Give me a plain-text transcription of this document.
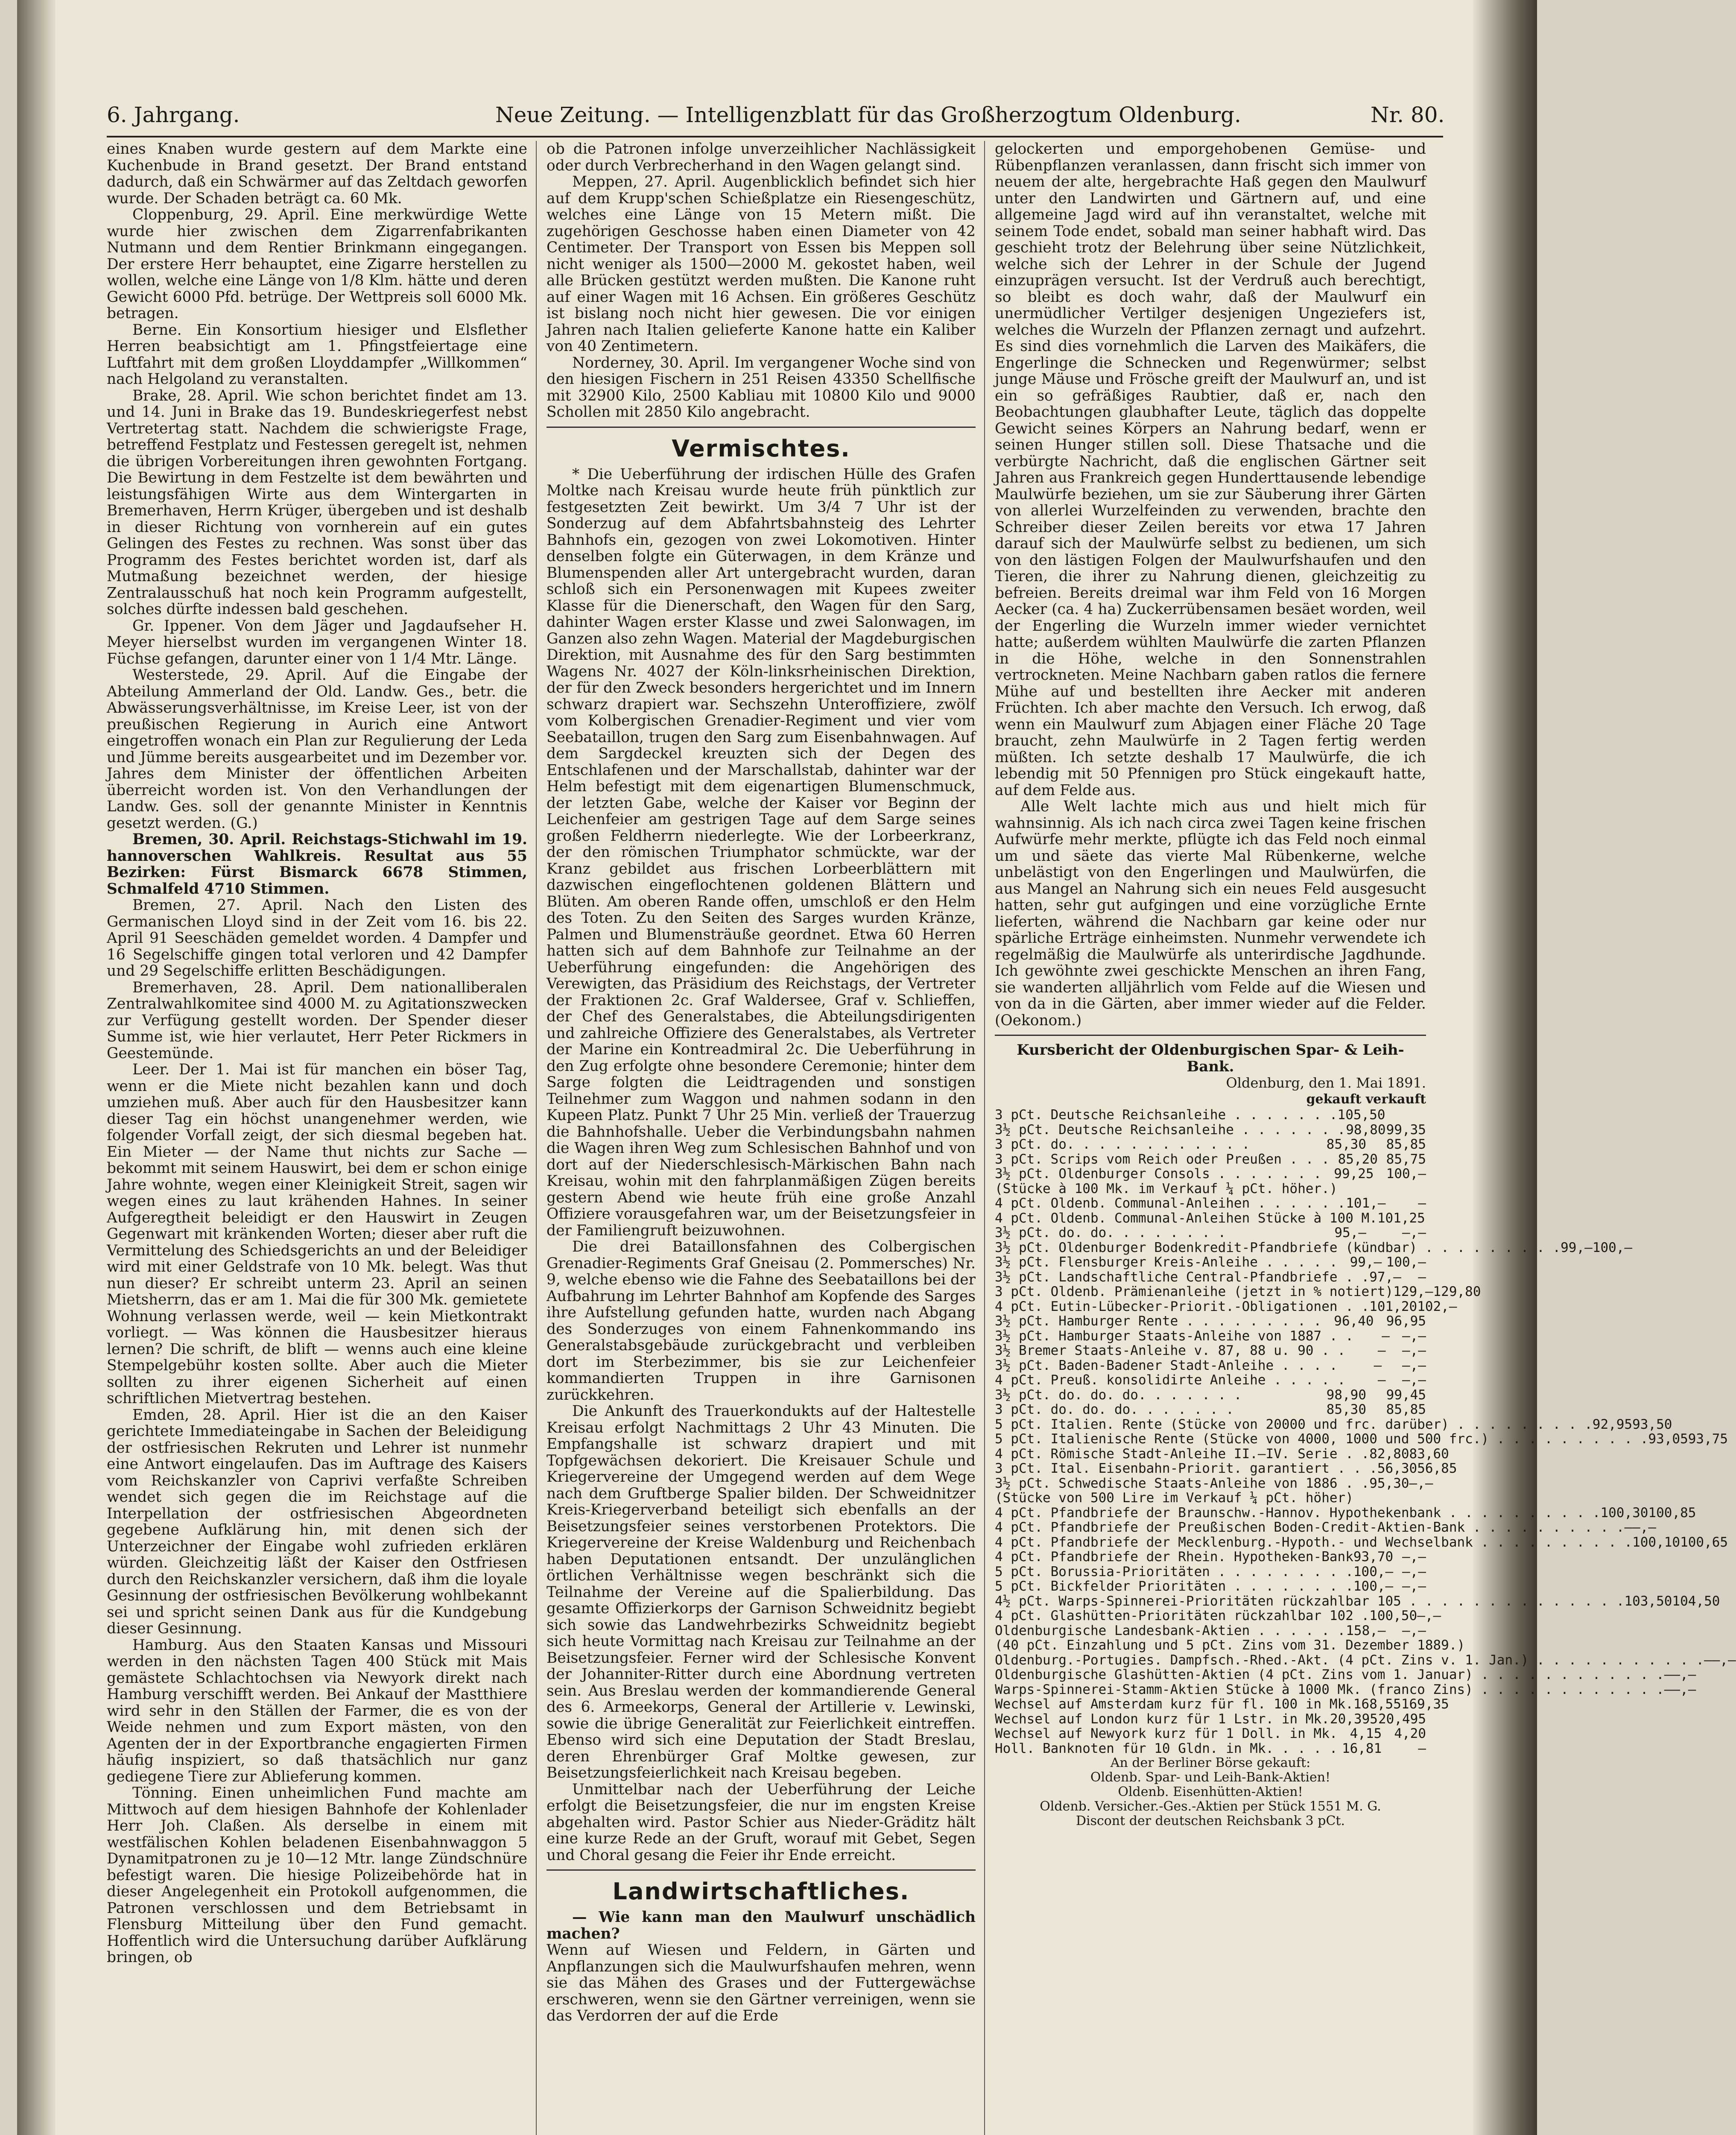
6. Jahrgang.	Neue Zeitung. — Intelligenzblatt für das Großherzogtum Oldenburg.	Nr. 80.

eines Knaben wurde gestern auf dem Markte eine Kuchenbude in Brand gesetzt. Der Brand entstand dadurch, daß ein Schwärmer auf das Zeltdach geworfen wurde. Der Schaden beträgt ca. 60 Mk.

Cloppenburg, 29. April. Eine merkwürdige Wette wurde hier zwischen dem Zigarrenfabrikanten Nutmann und dem Rentier Brinkmann eingegangen. Der erstere Herr behauptet, eine Zigarre herstellen zu wollen, welche eine Länge von 1/8 Klm. hätte und deren Gewicht 6000 Pfd. betrüge. Der Wettpreis soll 6000 Mk. betragen.

Berne. Ein Konsortium hiesiger und Elsflether Herren beabsichtigt am 1. Pfingstfeiertage eine Luftfahrt mit dem großen Lloyddampfer „Willkommen“ nach Helgoland zu veranstalten.

Brake, 28. April. Wie schon berichtet findet am 13. und 14. Juni in Brake das 19. Bundeskriegerfest nebst Vertretertag statt. Nachdem die schwierigste Frage, betreffend Festplatz und Festessen geregelt ist, nehmen die übrigen Vorbereitungen ihren gewohnten Fortgang. Die Bewirtung in dem Festzelte ist dem bewährten und leistungsfähigen Wirte aus dem Wintergarten in Bremerhaven, Herrn Krüger, übergeben und ist deshalb in dieser Richtung von vornherein auf ein gutes Gelingen des Festes zu rechnen. Was sonst über das Programm des Festes berichtet worden ist, darf als Mutmaßung bezeichnet werden, der hiesige Zentralausschuß hat noch kein Programm aufgestellt, solches dürfte indessen bald geschehen.

Gr. Ippener. Von dem Jäger und Jagdaufseher H. Meyer hierselbst wurden im vergangenen Winter 18. Füchse gefangen, darunter einer von 1 1/4 Mtr. Länge.

Westerstede, 29. April. Auf die Eingabe der Abteilung Ammerland der Old. Landw. Ges., betr. die Abwässerungsverhältnisse, im Kreise Leer, ist von der preußischen Regierung in Aurich eine Antwort eingetroffen wonach ein Plan zur Regulierung der Leda und Jümme bereits ausgearbeitet und im Dezember vor. Jahres dem Minister der öffentlichen Arbeiten überreicht worden ist. Von den Verhandlungen der Landw. Ges. soll der genannte Minister in Kenntnis gesetzt werden. (G.)

Bremen, 30. April. Reichstags-Stichwahl im 19. hannoverschen Wahlkreis. Resultat aus 55 Bezirken: Fürst Bismarck 6678 Stimmen, Schmalfeld 4710 Stimmen.

Bremen, 27. April. Nach den Listen des Germanischen Lloyd sind in der Zeit vom 16. bis 22. April 91 Seeschäden gemeldet worden. 4 Dampfer und 16 Segelschiffe gingen total verloren und 42 Dampfer und 29 Segelschiffe erlitten Beschädigungen.

Bremerhaven, 28. April. Dem nationalliberalen Zentralwahlkomitee sind 4000 M. zu Agitationszwecken zur Verfügung gestellt worden. Der Spender dieser Summe ist, wie hier verlautet, Herr Peter Rickmers in Geestemünde.

Leer. Der 1. Mai ist für manchen ein böser Tag, wenn er die Miete nicht bezahlen kann und doch umziehen muß. Aber auch für den Hausbesitzer kann dieser Tag ein höchst unangenehmer werden, wie folgender Vorfall zeigt, der sich diesmal begeben hat. Ein Mieter — der Name thut nichts zur Sache — bekommt mit seinem Hauswirt, bei dem er schon einige Jahre wohnte, wegen einer Kleinigkeit Streit, sagen wir wegen eines zu laut krähenden Hahnes. In seiner Aufgeregtheit beleidigt er den Hauswirt in Zeugen Gegenwart mit kränkenden Worten; dieser aber ruft die Vermittelung des Schiedsgerichts an und der Beleidiger wird mit einer Geldstrafe von 10 Mk. belegt. Was thut nun dieser? Er schreibt unterm 23. April an seinen Mietsherrn, das er am 1. Mai die für 300 Mk. gemietete Wohnung verlassen werde, weil — kein Mietkontrakt vorliegt. — Was können die Hausbesitzer hieraus lernen? Die schrift, de blift — wenns auch eine kleine Stempelgebühr kosten sollte. Aber auch die Mieter sollten zu ihrer eigenen Sicherheit auf einen schriftlichen Mietvertrag bestehen.

Emden, 28. April. Hier ist die an den Kaiser gerichtete Immediateingabe in Sachen der Beleidigung der ostfriesischen Rekruten und Lehrer ist nunmehr eine Antwort eingelaufen. Das im Auftrage des Kaisers vom Reichskanzler von Caprivi verfaßte Schreiben wendet sich gegen die im Reichstage auf die Interpellation der ostfriesischen Abgeordneten gegebene Aufklärung hin, mit denen sich der Unterzeichner der Eingabe wohl zufrieden erklären würden. Gleichzeitig läßt der Kaiser den Ostfriesen durch den Reichskanzler versichern, daß ihm die loyale Gesinnung der ostfriesischen Bevölkerung wohlbekannt sei und spricht seinen Dank aus für die Kundgebung dieser Gesinnung.

Hamburg. Aus den Staaten Kansas und Missouri werden in den nächsten Tagen 400 Stück mit Mais gemästete Schlachtochsen via Newyork direkt nach Hamburg verschifft werden. Bei Ankauf der Mastthiere wird sehr in den Ställen der Farmer, die es von der Weide nehmen und zum Export mästen, von den Agenten der in der Exportbranche engagierten Firmen häufig inspiziert, so daß thatsächlich nur ganz gediegene Tiere zur Ablieferung kommen.

Tönning. Einen unheimlichen Fund machte am Mittwoch auf dem hiesigen Bahnhofe der Kohlenlader Herr Joh. Claßen. Als derselbe in einem mit westfälischen Kohlen beladenen Eisenbahnwaggon 5 Dynamitpatronen zu je 10—12 Mtr. lange Zündschnüre befestigt waren. Die hiesige Polizeibehörde hat in dieser Angelegenheit ein Protokoll aufgenommen, die Patronen verschlossen und dem Betriebsamt in Flensburg Mitteilung über den Fund gemacht. Hoffentlich wird die Untersuchung darüber Aufklärung bringen, ob

ob die Patronen infolge unverzeihlicher Nachlässigkeit oder durch Verbrecherhand in den Wagen gelangt sind.

Meppen, 27. April. Augenblicklich befindet sich hier auf dem Krupp'schen Schießplatze ein Riesengeschütz, welches eine Länge von 15 Metern mißt. Die zugehörigen Geschosse haben einen Diameter von 42 Centimeter. Der Transport von Essen bis Meppen soll nicht weniger als 1500—2000 M. gekostet haben, weil alle Brücken gestützt werden mußten. Die Kanone ruht auf einer Wagen mit 16 Achsen. Ein größeres Geschütz ist bislang noch nicht hier gewesen. Die vor einigen Jahren nach Italien gelieferte Kanone hatte ein Kaliber von 40 Zentimetern.

Norderney, 30. April. Im vergangener Woche sind von den hiesigen Fischern in 251 Reisen 43350 Schellfische mit 32900 Kilo, 2500 Kabliau mit 10800 Kilo und 9000 Schollen mit 2850 Kilo angebracht.

Vermischtes.

* Die Ueberführung der irdischen Hülle des Grafen Moltke nach Kreisau wurde heute früh pünktlich zur festgesetzten Zeit bewirkt. Um 3/4 7 Uhr ist der Sonderzug auf dem Abfahrtsbahnsteig des Lehrter Bahnhofs ein, gezogen von zwei Lokomotiven. Hinter denselben folgte ein Güterwagen, in dem Kränze und Blumenspenden aller Art untergebracht wurden, daran schloß sich ein Personenwagen mit Kupees zweiter Klasse für die Dienerschaft, den Wagen für den Sarg, dahinter Wagen erster Klasse und zwei Salonwagen, im Ganzen also zehn Wagen. Material der Magdeburgischen Direktion, mit Ausnahme des für den Sarg bestimmten Wagens Nr. 4027 der Köln-linksrheinischen Direktion, der für den Zweck besonders hergerichtet und im Innern schwarz drapiert war. Sechszehn Unteroffiziere, zwölf vom Kolbergischen Grenadier-Regiment und vier vom Seebataillon, trugen den Sarg zum Eisenbahnwagen. Auf dem Sargdeckel kreuzten sich der Degen des Entschlafenen und der Marschallstab, dahinter war der Helm befestigt mit dem eigenartigen Blumenschmuck, der letzten Gabe, welche der Kaiser vor Beginn der Leichenfeier am gestrigen Tage auf dem Sarge seines großen Feldherrn niederlegte. Wie der Lorbeerkranz, der den römischen Triumphator schmückte, war der Kranz gebildet aus frischen Lorbeerblättern mit dazwischen eingeflochtenen goldenen Blättern und Blüten. Am oberen Rande offen, umschloß er den Helm des Toten. Zu den Seiten des Sarges wurden Kränze, Palmen und Blumensträuße geordnet. Etwa 60 Herren hatten sich auf dem Bahnhofe zur Teilnahme an der Ueberführung eingefunden: die Angehörigen des Verewigten, das Präsidium des Reichstags, der Vertreter der Fraktionen 2c. Graf Waldersee, Graf v. Schlieffen, der Chef des Generalstabes, die Abteilungsdirigenten und zahlreiche Offiziere des Generalstabes, als Vertreter der Marine ein Kontreadmiral 2c. Die Ueberführung in den Zug erfolgte ohne besondere Ceremonie; hinter dem Sarge folgten die Leidtragenden und sonstigen Teilnehmer zum Waggon und nahmen sodann in den Kupeen Platz. Punkt 7 Uhr 25 Min. verließ der Trauerzug die Bahnhofshalle. Ueber die Verbindungsbahn nahmen die Wagen ihren Weg zum Schlesischen Bahnhof und von dort auf der Niederschlesisch-Märkischen Bahn nach Kreisau, wohin mit den fahrplanmäßigen Zügen bereits gestern Abend wie heute früh eine große Anzahl Offiziere vorausgefahren war, um der Beisetzungsfeier in der Familiengruft beizuwohnen.

Die drei Bataillonsfahnen des Colbergischen Grenadier-Regiments Graf Gneisau (2. Pommersches) Nr. 9, welche ebenso wie die Fahne des Seebataillons bei der Aufbahrung im Lehrter Bahnhof am Kopfende des Sarges ihre Aufstellung gefunden hatte, wurden nach Abgang des Sonderzuges von einem Fahnenkommando ins Generalstabsgebäude zurückgebracht und verbleiben dort im Sterbezimmer, bis sie zur Leichenfeier kommandierten Truppen in ihre Garnisonen zurückkehren.

Die Ankunft des Trauerkondukts auf der Haltestelle Kreisau erfolgt Nachmittags 2 Uhr 43 Minuten. Die Empfangshalle ist schwarz drapiert und mit Topfgewächsen dekoriert. Die Kreisauer Schule und Kriegervereine der Umgegend werden auf dem Wege nach dem Gruftberge Spalier bilden. Der Schweidnitzer Kreis-Kriegerverband beteiligt sich ebenfalls an der Beisetzungsfeier seines verstorbenen Protektors. Die Kriegervereine der Kreise Waldenburg und Reichenbach haben Deputationen entsandt. Der unzulänglichen örtlichen Verhältnisse wegen beschränkt sich die Teilnahme der Vereine auf die Spalierbildung. Das gesamte Offizierkorps der Garnison Schweidnitz begiebt sich sowie das Landwehrbezirks Schweidnitz begiebt sich heute Vormittag nach Kreisau zur Teilnahme an der Beisetzungsfeier. Ferner wird der Schlesische Konvent der Johanniter-Ritter durch eine Abordnung vertreten sein. Aus Breslau werden der kommandierende General des 6. Armeekorps, General der Artillerie v. Lewinski, sowie die übrige Generalität zur Feierlichkeit eintreffen. Ebenso wird sich eine Deputation der Stadt Breslau, deren Ehrenbürger Graf Moltke gewesen, zur Beisetzungsfeierlichkeit nach Kreisau begeben.

Unmittelbar nach der Ueberführung der Leiche erfolgt die Beisetzungsfeier, die nur im engsten Kreise abgehalten wird. Pastor Schier aus Nieder-Gräditz hält eine kurze Rede an der Gruft, worauf mit Gebet, Segen und Choral gesang die Feier ihr Ende erreicht.

Landwirtschaftliches.

— Wie kann man den Maulwurf unschädlich machen?

Wenn auf Wiesen und Feldern, in Gärten und Anpflanzungen sich die Maulwurfshaufen mehren, wenn sie das Mähen des Grases und der Futtergewächse erschweren, wenn sie den Gärtner verreinigen, wenn sie das Verdorren der auf die Erde

gelockerten und emporgehobenen Gemüse- und Rübenpflanzen veranlassen, dann frischt sich immer von neuem der alte, hergebrachte Haß gegen den Maulwurf unter den Landwirten und Gärtnern auf, und eine allgemeine Jagd wird auf ihn veranstaltet, welche mit seinem Tode endet, sobald man seiner habhaft wird. Das geschieht trotz der Belehrung über seine Nützlichkeit, welche sich der Lehrer in der Schule der Jugend einzuprägen versucht. Ist der Verdruß auch berechtigt, so bleibt es doch wahr, daß der Maulwurf ein unermüdlicher Vertilger desjenigen Ungeziefers ist, welches die Wurzeln der Pflanzen zernagt und aufzehrt. Es sind dies vornehmlich die Larven des Maikäfers, die Engerlinge die Schnecken und Regenwürmer; selbst junge Mäuse und Frösche greift der Maulwurf an, und ist ein so gefräßiges Raubtier, daß er, nach den Beobachtungen glaubhafter Leute, täglich das doppelte Gewicht seines Körpers an Nahrung bedarf, wenn er seinen Hunger stillen soll. Diese Thatsache und die verbürgte Nachricht, daß die englischen Gärtner seit Jahren aus Frankreich gegen Hunderttausende lebendige Maulwürfe beziehen, um sie zur Säuberung ihrer Gärten von allerlei Wurzelfeinden zu verwenden, brachte den Schreiber dieser Zeilen bereits vor etwa 17 Jahren darauf sich der Maulwürfe selbst zu bedienen, um sich von den lästigen Folgen der Maulwurfshaufen und den Tieren, die ihrer zu Nahrung dienen, gleichzeitig zu befreien. Bereits dreimal war ihm Feld von 16 Morgen Aecker (ca. 4 ha) Zuckerrübensamen besäet worden, weil der Engerling die Wurzeln immer wieder vernichtet hatte; außerdem wühlten Maulwürfe die zarten Pflanzen in die Höhe, welche in den Sonnenstrahlen vertrockneten. Meine Nachbarn gaben ratlos die fernere Mühe auf und bestellten ihre Aecker mit anderen Früchten. Ich aber machte den Versuch. Ich erwog, daß wenn ein Maulwurf zum Abjagen einer Fläche 20 Tage braucht, zehn Maulwürfe in 2 Tagen fertig werden müßten. Ich setzte deshalb 17 Maulwürfe, die ich lebendig mit 50 Pfennigen pro Stück eingekauft hatte, auf dem Felde aus.

Alle Welt lachte mich aus und hielt mich für wahnsinnig. Als ich nach circa zwei Tagen keine frischen Aufwürfe mehr merkte, pflügte ich das Feld noch einmal um und säete das vierte Mal Rübenkerne, welche unbelästigt von den Engerlingen und Maulwürfen, die aus Mangel an Nahrung sich ein neues Feld ausgesucht hatten, sehr gut aufgingen und eine vorzügliche Ernte lieferten, während die Nachbarn gar keine oder nur spärliche Erträge einheimsten. Nunmehr verwendete ich regelmäßig die Maulwürfe als unterirdische Jagdhunde. Ich gewöhnte zwei geschickte Menschen an ihren Fang, sie wanderten alljährlich vom Felde auf die Wiesen und von da in die Gärten, aber immer wieder auf die Felder. (Oekonom.)

Kursbericht der Oldenburgischen Spar- & Leih-Bank.
Oldenburg, den 1. Mai 1891.
gekauft verkauft
3 pCt. Deutsche Reichsanleihe . . . . . . . 105,50
3½ pCt. Deutsche Reichsanleihe . . . . . . . 98,80 99,35
3 pCt. do. . . . . . . . . . . .	85,30	85,85
3 pCt. Scrips vom Reich oder Preußen . . . 85,20 85,75
3½ pCt. Oldenburger Consols . . . . . . . 99,25 100,—
(Stücke à 100 Mk. im Verkauf ¼ pCt. höher.)
4 pCt. Oldenb. Communal-Anleihen . . . . . . 101,—	—
4 pCt. Oldenb. Communal-Anleihen Stücke à 100 M. 101,25
3½ pCt. do. do. . . . . . . .	95,—	—,—
3½ pCt. Oldenburger Bodenkredit-Pfandbriefe (kündbar) . . . . . . . . . 99,— 100,—
3½ pCt. Flensburger Kreis-Anleihe . . . . . 99,— 100,—
3½ pCt. Landschaftliche Central-Pfandbriefe . . 97,—	—
3 pCt. Oldenb. Prämienanleihe (jetzt in % notiert) 129,— 129,80
4 pCt. Eutin-Lübecker-Priorit.-Obligationen . . 101,20 102,—
3½ pCt. Hamburger Rente . . . . . . . . . 96,40 96,95
3½ pCt. Hamburger Staats-Anleihe von 1887 . .	— —,—
3½ Bremer Staats-Anleihe v. 87, 88 u. 90 . .	—	—,—
3½ pCt. Baden-Badener Stadt-Anleihe . . . .	—	—,—
4 pCt. Preuß. konsolidirte Anleihe . . . . .	—	—,—
3½ pCt. do. do. do. . . . . . .	98,90	99,45
3 pCt. do. do. do. . . . . . .	85,30	85,85
5 pCt. Italien. Rente (Stücke von 20000 und frc. darüber) . . . . . . . . . 92,95 93,50
5 pCt. Italienische Rente (Stücke von 4000, 1000 und 500 frc.) . . . . . . . . . . 93,05 93,75
4 pCt. Römische Stadt-Anleihe II.—IV. Serie . . 82,80 83,60
3 pCt. Ital. Eisenbahn-Priorit. garantiert . . . 56,30 56,85
3½ pCt. Schwedische Staats-Anleihe von 1886 . . 95,30 —,—
(Stücke von 500 Lire im Verkauf ¼ pCt. höher)
4 pCt. Pfandbriefe der Braunschw.-Hannov. Hypothekenbank . . . . . . . . . . 100,30 100,85
4 pCt. Pfandbriefe der Preußischen Boden-Credit-Aktien-Bank . . . . . . . . . . — —,—
4 pCt. Pfandbriefe der Mecklenburg.-Hypoth.- und Wechselbank . . . . . . . . . . 100,10 100,65
4 pCt. Pfandbriefe der Rhein. Hypotheken-Bank 93,70 —,—
5 pCt. Borussia-Prioritäten . . . . . . . . . 100,— —,—
5 pCt. Bickfelder Prioritäten . . . . . . . . 100,— —,—
4½ pCt. Warps-Spinnerei-Prioritäten rückzahlbar 105 . . . . . . . . . . . . . . 103,50 104,50
4 pCt. Glashütten-Prioritäten rückzahlbar 102 . 100,50 —,—
Oldenburgische Landesbank-Aktien . . . . . . 158,—	—,—
(40 pCt. Einzahlung und 5 pCt. Zins vom 31. Dezember 1889.)
Oldenburg.-Portugies. Dampfsch.-Rhed.-Akt. (4 pCt. Zins v. 1. Jan.) . . . . . . . . . . . — —,—
Oldenburgische Glashütten-Aktien (4 pCt. Zins vom 1. Januar) . . . . . . . . . . . . — —,—
Warps-Spinnerei-Stamm-Aktien Stücke à 1000 Mk. (franco Zins) . . . . . . . . . . . . — —,—
Wechsel auf Amsterdam kurz für fl. 100 in Mk. 168,55 169,35
Wechsel auf London kurz für 1 Lstr. in Mk. 20,395 20,495
Wechsel auf Newyork kurz für 1 Doll. in Mk. 4,15 4,20
Holl. Banknoten für 10 Gldn. in Mk. . . . . 16,81	—
An der Berliner Börse gekauft:
Oldenb. Spar- und Leih-Bank-Aktien!
Oldenb. Eisenhütten-Aktien!
Oldenb. Versicher.-Ges.-Aktien per Stück 1551 M. G.
Discont der deutschen Reichsbank 3 pCt.
